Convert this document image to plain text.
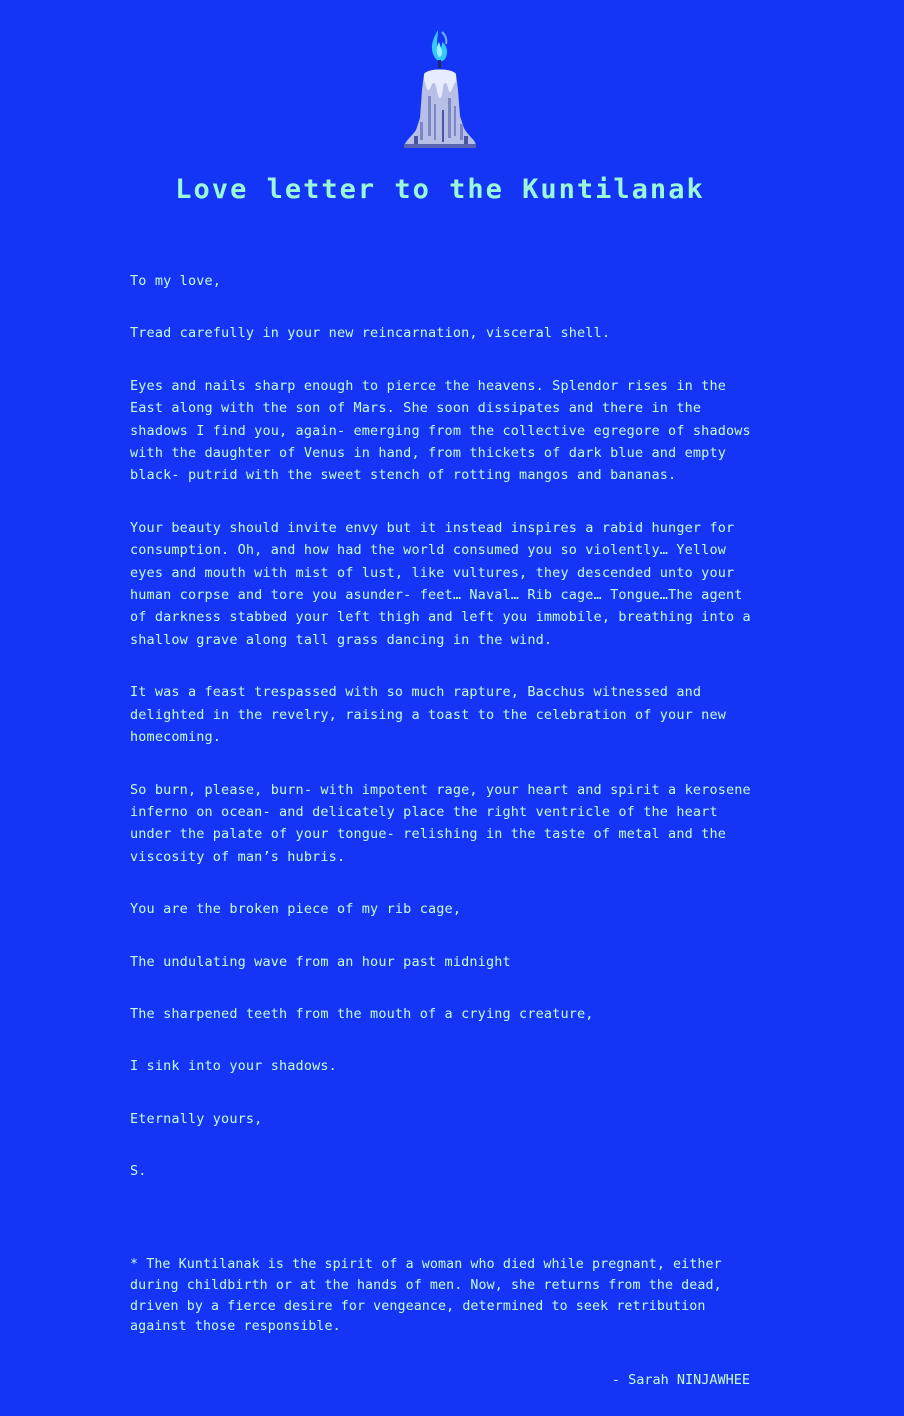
Love letter to the Kuntilanak

To my love,

Tread carefully in your new reincarnation, visceral shell.

Eyes and nails sharp enough to pierce the heavens. Splendor rises in the East along with the son of Mars. She soon dissipates and there in the shadows I find you, again- emerging from the collective egregore of shadows with the daughter of Venus in hand, from thickets of dark blue and empty black- putrid with the sweet stench of rotting mangos and bananas.

Your beauty should invite envy but it instead inspires a rabid hunger for consumption. Oh, and how had the world consumed you so violently… Yellow eyes and mouth with mist of lust, like vultures, they descended unto your human corpse and tore you asunder- feet… Naval… Rib cage… Tongue…The agent of darkness stabbed your left thigh and left you immobile, breathing into a shallow grave along tall grass dancing in the wind.

It was a feast trespassed with so much rapture, Bacchus witnessed and delighted in the revelry, raising a toast to the celebration of your new homecoming.

So burn, please, burn- with impotent rage, your heart and spirit a kerosene inferno on ocean- and delicately place the right ventricle of the heart under the palate of your tongue- relishing in the taste of metal and the viscosity of man’s hubris.

You are the broken piece of my rib cage,

The undulating wave from an hour past midnight

The sharpened teeth from the mouth of a crying creature,

I sink into your shadows.

Eternally yours,

S.

* The Kuntilanak is the spirit of a woman who died while pregnant, either during childbirth or at the hands of men. Now, she returns from the dead, driven by a fierce desire for vengeance, determined to seek retribution against those responsible.

- Sarah NINJAWHEE
